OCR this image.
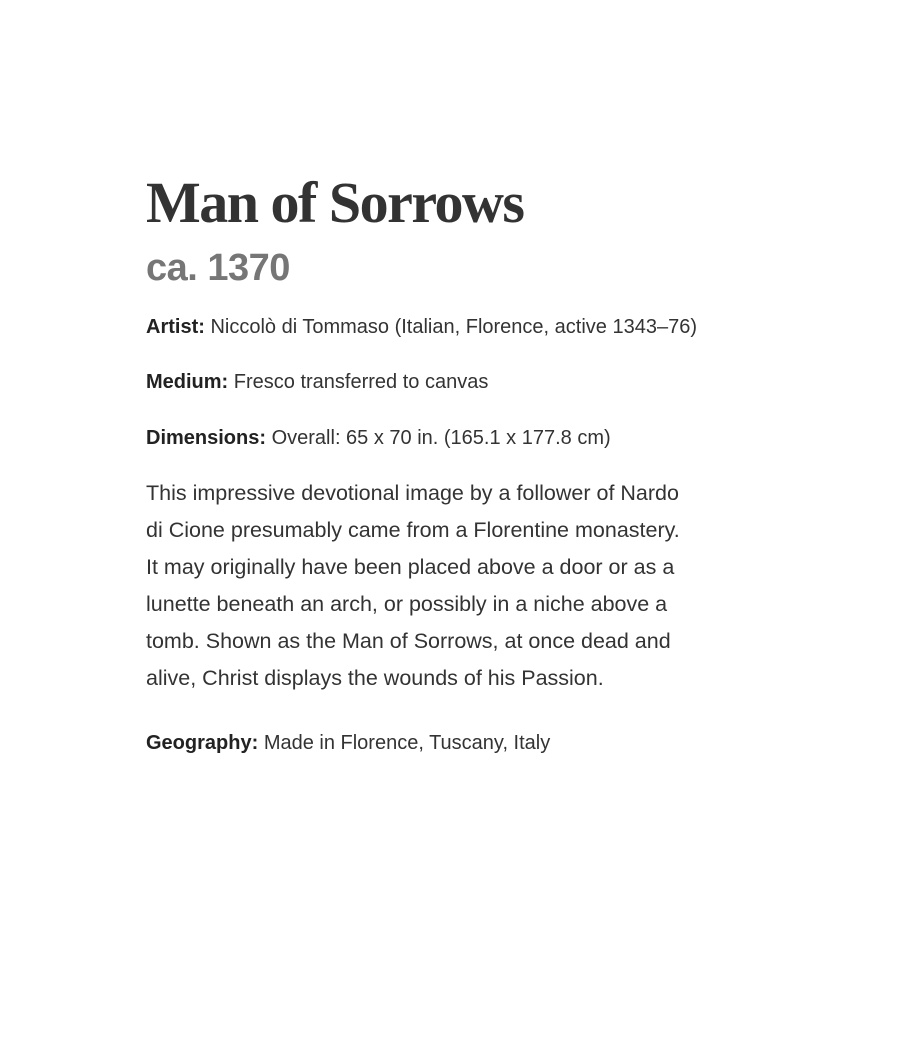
Man of Sorrows
ca. 1370

Artist: Niccolò di Tommaso (Italian, Florence, active 1343–76)

Medium: Fresco transferred to canvas

Dimensions: Overall: 65 x 70 in. (165.1 x 177.8 cm)

This impressive devotional image by a follower of Nardo di Cione presumably came from a Florentine monastery. It may originally have been placed above a door or as a lunette beneath an arch, or possibly in a niche above a tomb. Shown as the Man of Sorrows, at once dead and alive, Christ displays the wounds of his Passion.

Geography: Made in Florence, Tuscany, Italy
